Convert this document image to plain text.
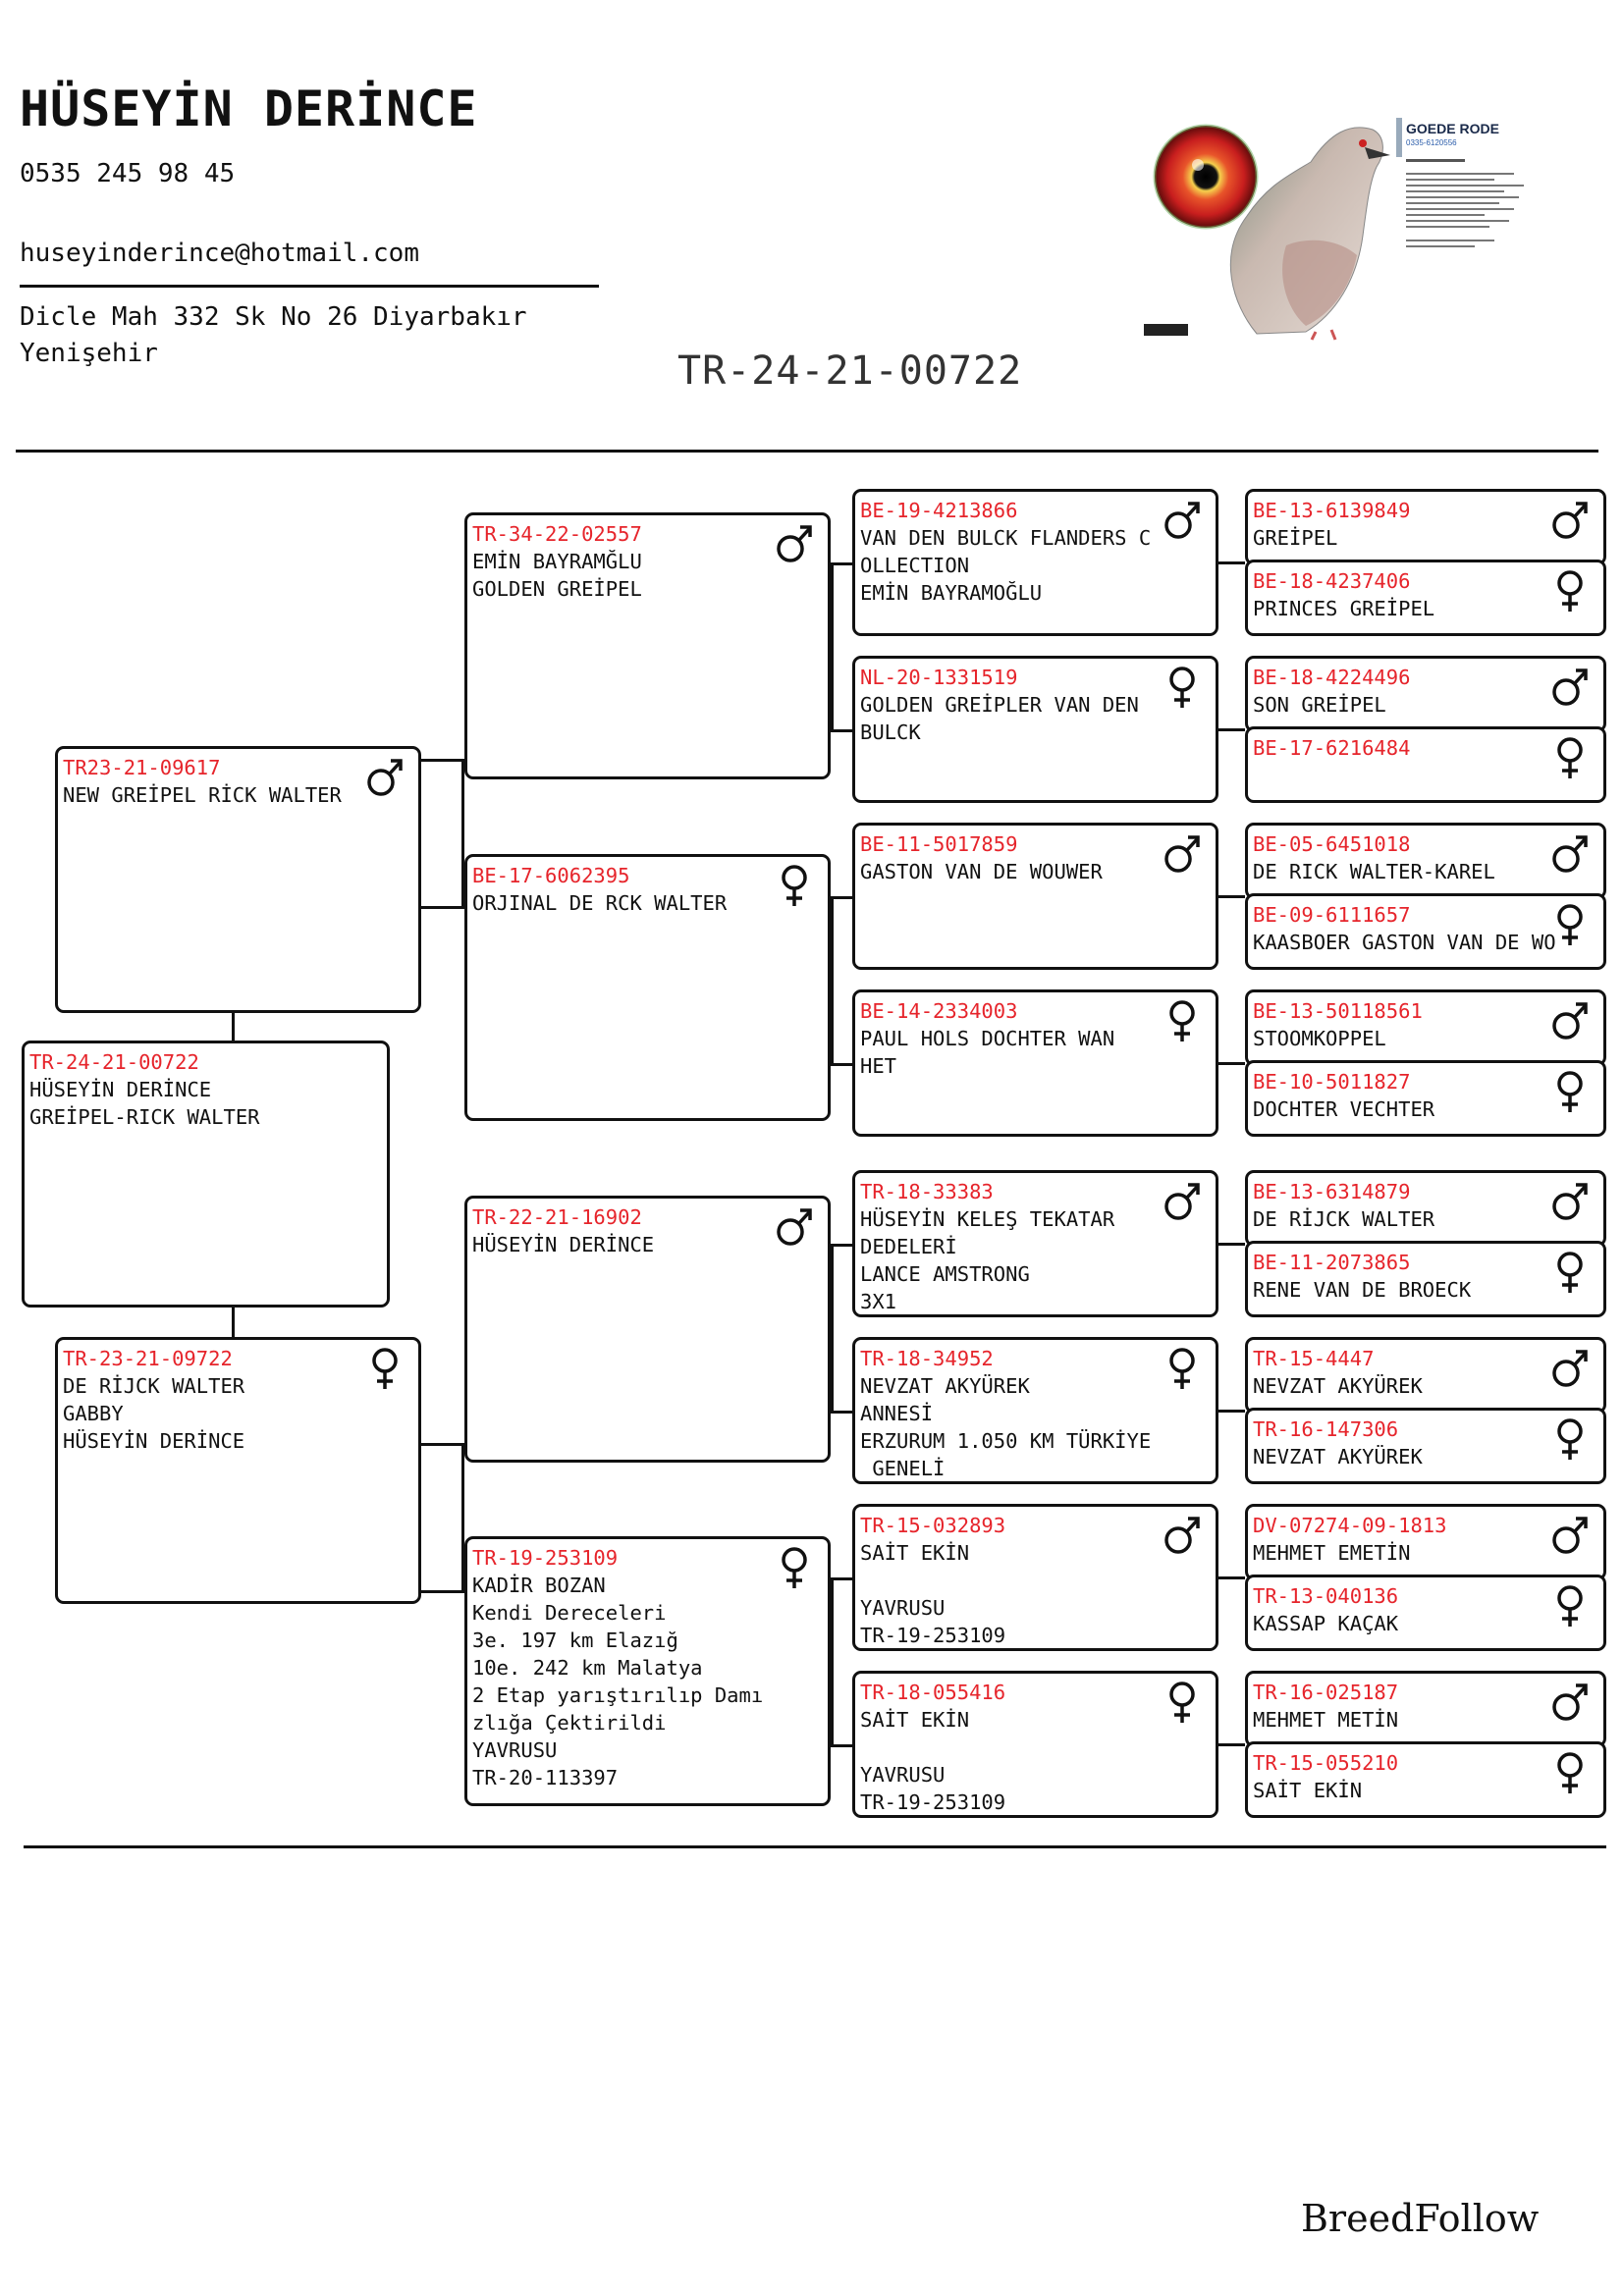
HÜSEYİN DERİNCE
0535 245 98 45
huseyinderince@hotmail.com
Dicle Mah 332 Sk No 26 Diyarbakır
Yenişehir	TR-24-21-00722
GOEDE RODE
0335-6120556
TR-24-21-00722
HÜSEYİN DERİNCE
GREİPEL-RICK WALTER
TR23-21-09617
NEW GREİPEL RİCK WALTER
TR-23-21-09722
DE RİJCK WALTER
GABBY
HÜSEYİN DERİNCE
TR-34-22-02557
EMİN BAYRAMĞLU
GOLDEN GREİPEL
BE-17-6062395
ORJINAL DE RCK WALTER
TR-22-21-16902
HÜSEYİN DERİNCE
TR-19-253109
KADİR BOZAN
Kendi Dereceleri
3e. 197 km Elazığ
10e. 242 km Malatya
2 Etap yarıştırılıp Damı
zlığa Çektirildi
YAVRUSU
TR-20-113397
BE-19-4213866
VAN DEN BULCK FLANDERS C
OLLECTION
EMİN BAYRAMOĞLU
NL-20-1331519
GOLDEN GREİPLER VAN DEN
BULCK
BE-11-5017859
GASTON VAN DE WOUWER
BE-14-2334003
PAUL HOLS DOCHTER WAN
HET
TR-18-33383
HÜSEYİN KELEŞ TEKATAR
DEDELERİ
LANCE AMSTRONG
3X1
TR-18-34952
NEVZAT AKYÜREK
ANNESİ
ERZURUM 1.050 KM TÜRKİYE
GENELİ
TR-15-032893
SAİT EKİN

YAVRUSU
TR-19-253109
TR-18-055416
SAİT EKİN

YAVRUSU
TR-19-253109
BE-13-6139849
GREİPEL
BE-18-4237406
PRINCES GREİPEL
BE-18-4224496
SON GREİPEL
BE-17-6216484
BE-05-6451018
DE RICK WALTER-KAREL
BE-09-6111657
KAASBOER GASTON VAN DE WO
BE-13-50118561
STOOMKOPPEL
BE-10-5011827
DOCHTER VECHTER
BE-13-6314879
DE RİJCK WALTER
BE-11-2073865
RENE VAN DE BROECK
TR-15-4447
NEVZAT AKYÜREK
TR-16-147306
NEVZAT AKYÜREK
DV-07274-09-1813
MEHMET EMETİN
TR-13-040136
KASSAP KAÇAK
TR-16-025187
MEHMET METİN
TR-15-055210
SAİT EKİN
BreedFollow
